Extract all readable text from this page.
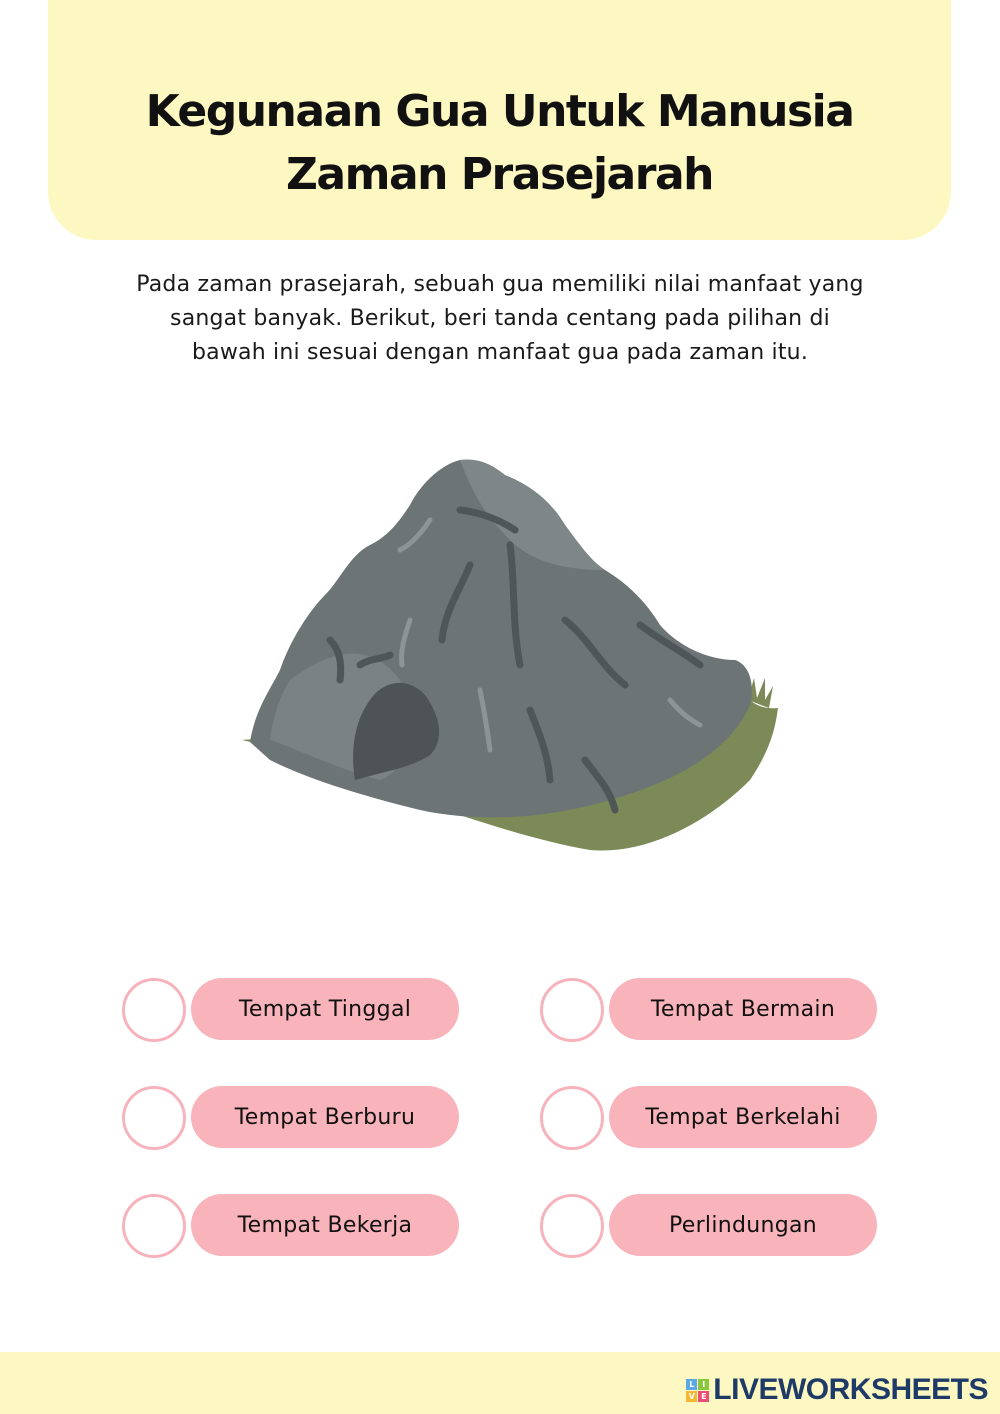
Kegunaan Gua Untuk Manusia
Zaman Prasejarah

Pada zaman prasejarah, sebuah gua memiliki nilai manfaat yang
sangat banyak. Berikut, beri tanda centang pada pilihan di
bawah ini sesuai dengan manfaat gua pada zaman itu.

Tempat Tinggal	Tempat Bermain
Tempat Berburu	Tempat Berkelahi
Tempat Bekerja	Perlindungan
L I
V E LIVEWORKSHEETS
